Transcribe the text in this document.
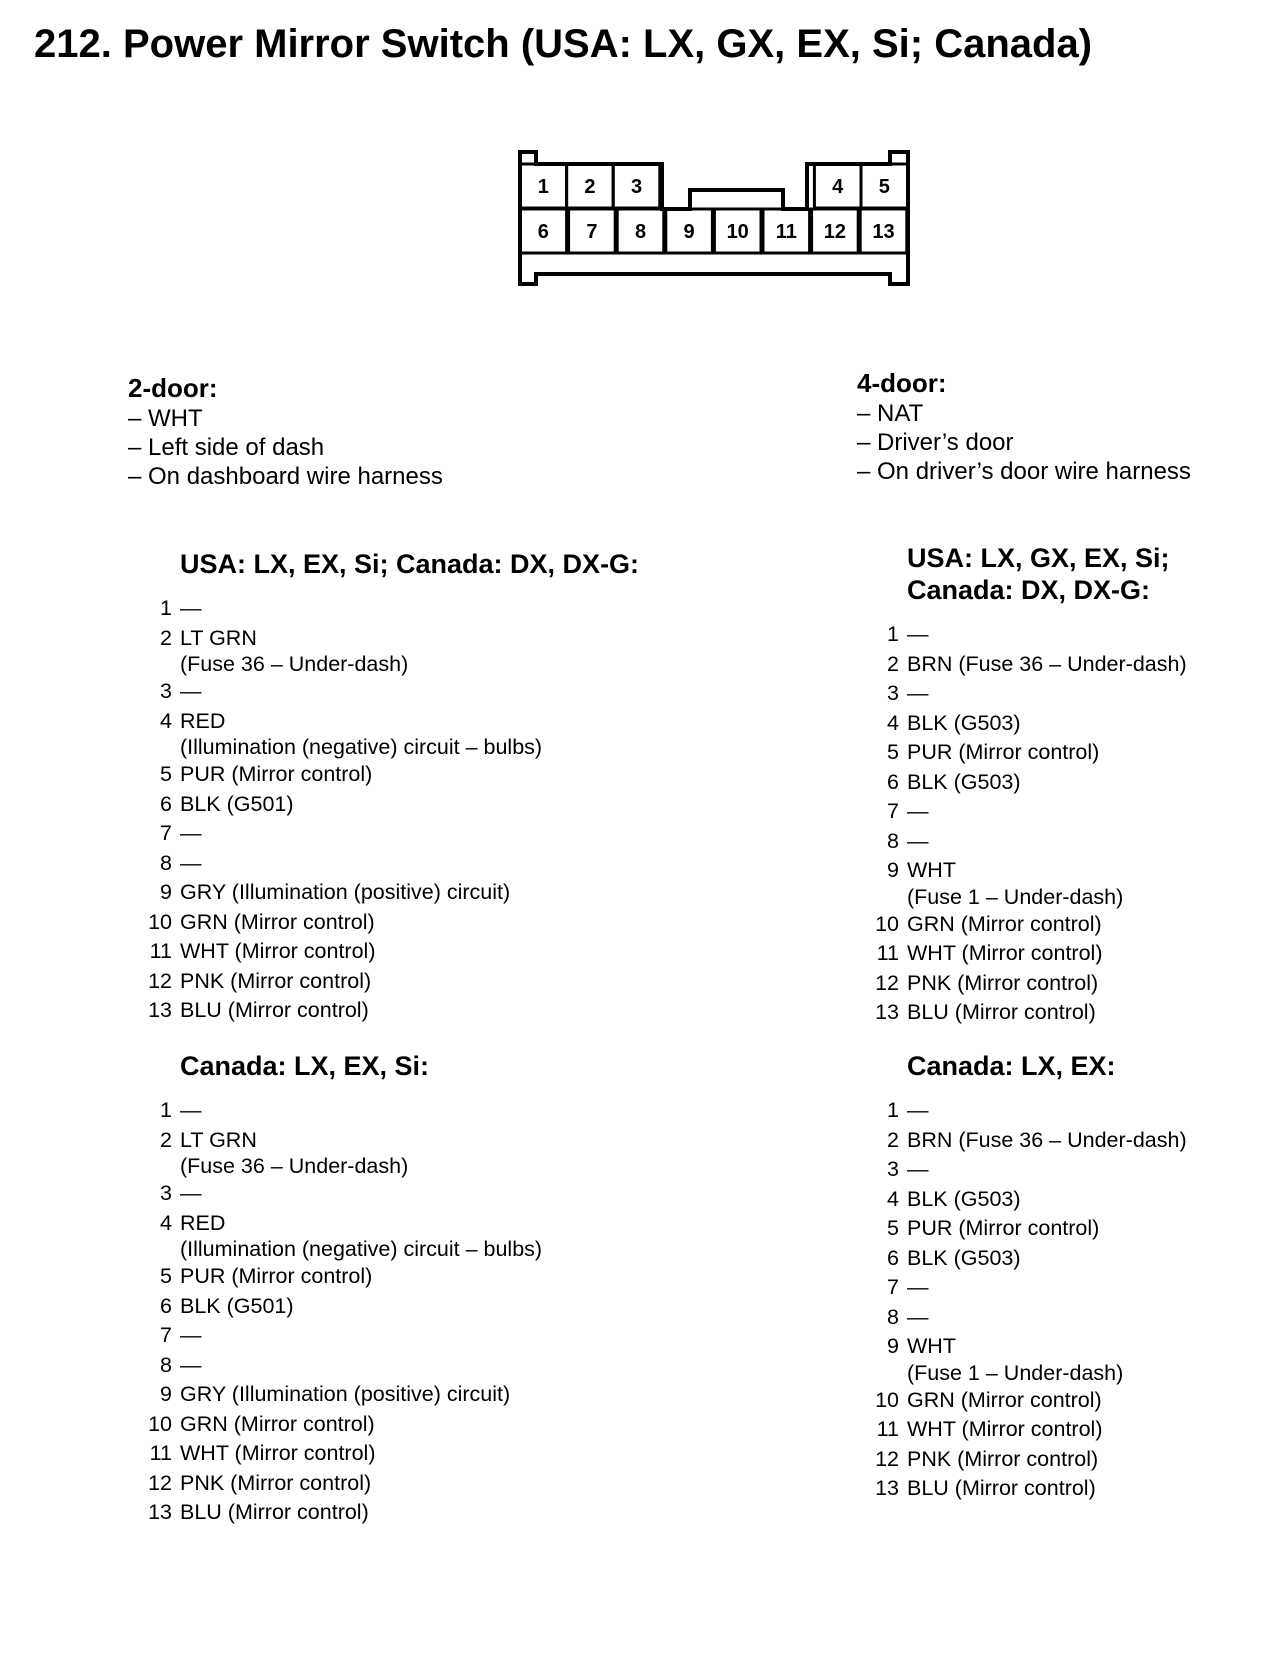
212. Power Mirror Switch (USA: LX, GX, EX, Si; Canada)
1 2 3	4 5
6 7 8 9 10 11 12 13
2-door:
– WHT
– Left side of dash
– On dashboard wire harness
4-door:
– NAT
– Driver’s door
– On driver’s door wire harness
USA: LX, EX, Si; Canada: DX, DX-G:
1 —
2 LT GRN
(Fuse 36 – Under-dash)
3 —
4 RED
(Illumination (negative) circuit – bulbs)
5 PUR (Mirror control)
6 BLK (G501)
7 —
8 —
9 GRY (Illumination (positive) circuit)
10 GRN (Mirror control)
11 WHT (Mirror control)
12 PNK (Mirror control)
13 BLU (Mirror control)
Canada: LX, EX, Si:
1 —
2 LT GRN
(Fuse 36 – Under-dash)
3 —
4 RED
(Illumination (negative) circuit – bulbs)
5 PUR (Mirror control)
6 BLK (G501)
7 —
8 —
9 GRY (Illumination (positive) circuit)
10 GRN (Mirror control)
11 WHT (Mirror control)
12 PNK (Mirror control)
13 BLU (Mirror control)
USA: LX, GX, EX, Si;
Canada: DX, DX-G:
1 —
2 BRN (Fuse 36 – Under-dash)
3 —
4 BLK (G503)
5 PUR (Mirror control)
6 BLK (G503)
7 —
8 —
9 WHT
(Fuse 1 – Under-dash)
10 GRN (Mirror control)
11 WHT (Mirror control)
12 PNK (Mirror control)
13 BLU (Mirror control)
Canada: LX, EX:
1 —
2 BRN (Fuse 36 – Under-dash)
3 —
4 BLK (G503)
5 PUR (Mirror control)
6 BLK (G503)
7 —
8 —
9 WHT
(Fuse 1 – Under-dash)
10 GRN (Mirror control)
11 WHT (Mirror control)
12 PNK (Mirror control)
13 BLU (Mirror control)
